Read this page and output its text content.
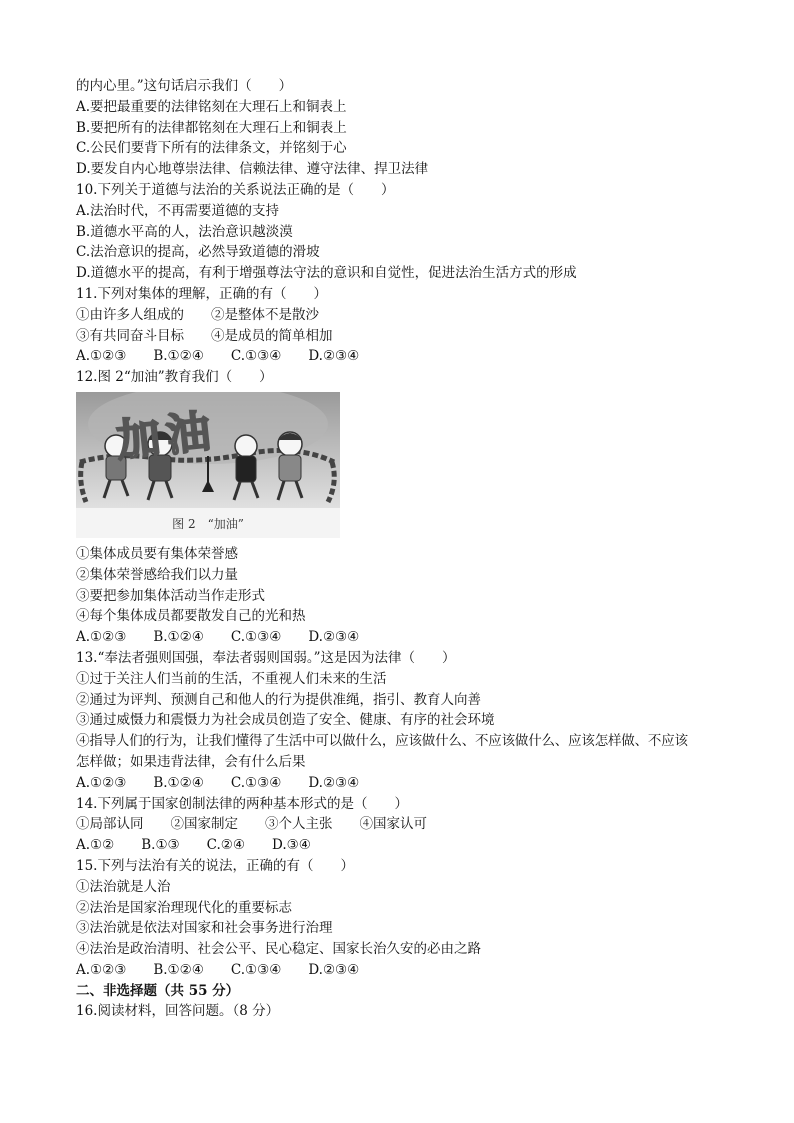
的内心里。”这句话启示我们（　　）
A.要把最重要的法律铭刻在大理石上和铜表上
B.要把所有的法律都铭刻在大理石上和铜表上
C.公民们要背下所有的法律条文，并铭刻于心
D.要发自内心地尊崇法律、信赖法律、遵守法律、捍卫法律
10.下列关于道德与法治的关系说法正确的是（　　）
A.法治时代，不再需要道德的支持
B.道德水平高的人，法治意识越淡漠
C.法治意识的提高，必然导致道德的滑坡
D.道德水平的提高，有利于增强尊法守法的意识和自觉性，促进法治生活方式的形成
11.下列对集体的理解，正确的有（　　）
①由许多人组成的　　②是整体不是散沙
③有共同奋斗目标　　④是成员的简单相加
A.①②③　　B.①②④　　C.①③④　　D.②③④
12.图 2“加油”教育我们（　　）
加油
图 2　“加油”
①集体成员要有集体荣誉感
②集体荣誉感给我们以力量
③要把参加集体活动当作走形式
④每个集体成员都要散发自己的光和热
A.①②③　　B.①②④　　C.①③④　　D.②③④
13.“奉法者强则国强，奉法者弱则国弱。”这是因为法律（　　）
①过于关注人们当前的生活，不重视人们未来的生活
②通过为评判、预测自己和他人的行为提供准绳，指引、教育人向善
③通过威慑力和震慑力为社会成员创造了安全、健康、有序的社会环境
④指导人们的行为，让我们懂得了生活中可以做什么，应该做什么、不应该做什么、应该怎样做、不应该
怎样做；如果违背法律，会有什么后果
A.①②③　　B.①②④　　C.①③④　　D.②③④
14.下列属于国家创制法律的两种基本形式的是（　　）
①局部认同　　②国家制定　　③个人主张　　④国家认可
A.①②　　B.①③　　C.②④　　D.③④
15.下列与法治有关的说法，正确的有（　　）
①法治就是人治
②法治是国家治理现代化的重要标志
③法治就是依法对国家和社会事务进行治理
④法治是政治清明、社会公平、民心稳定、国家长治久安的必由之路
A.①②③　　B.①②④　　C.①③④　　D.②③④
二、非选择题（共 55 分）
16.阅读材料，回答问题。（8 分）
